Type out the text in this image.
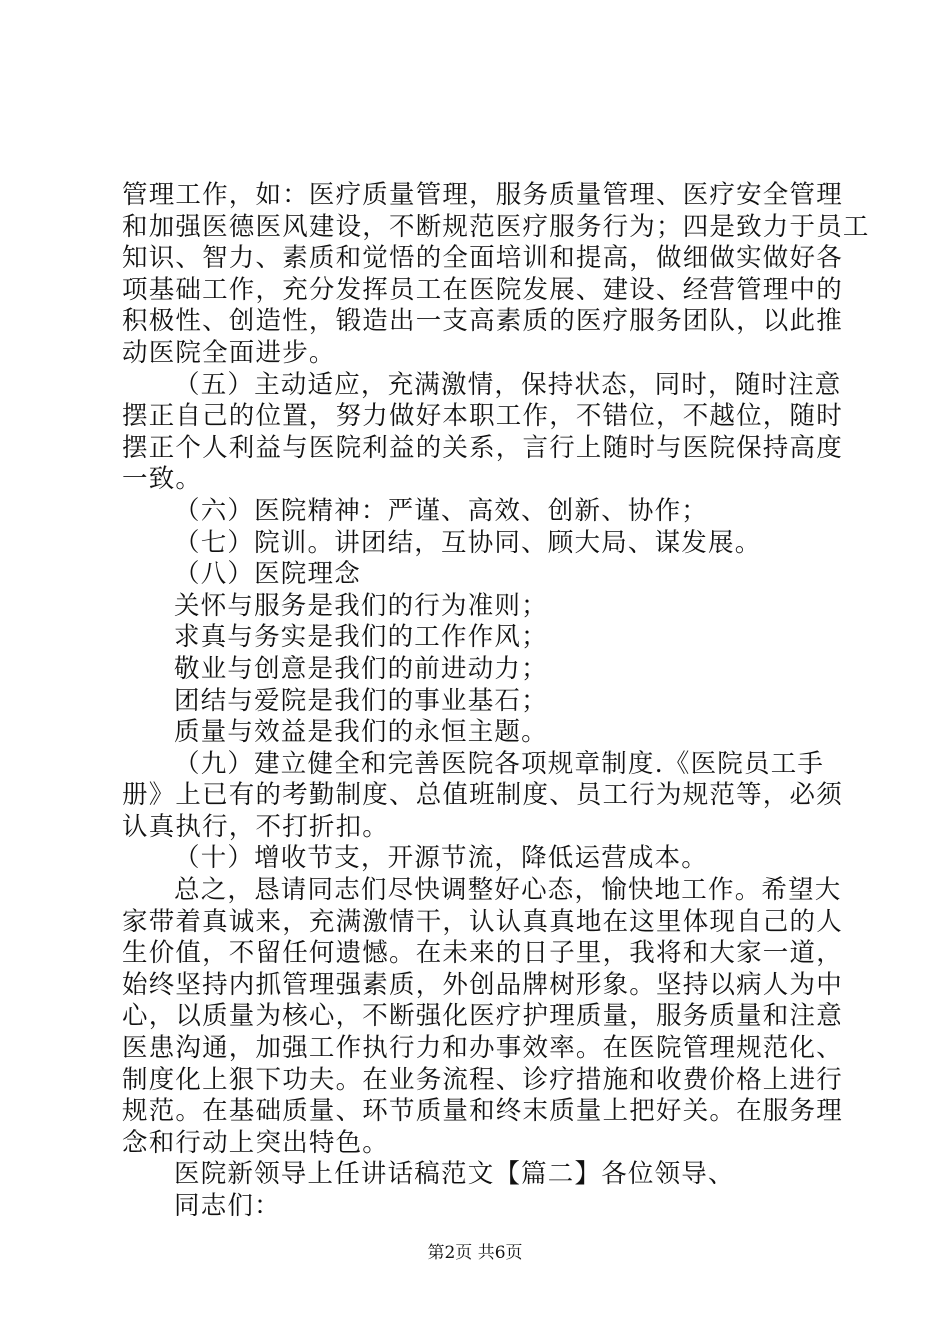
管理工作，如：医疗质量管理，服务质量管理、医疗安全管理
和加强医德医风建设，不断规范医疗服务行为；四是致力于员工
知识、智力、素质和觉悟的全面培训和提高，做细做实做好各
项基础工作，充分发挥员工在医院发展、建设、经营管理中的
积极性、创造性，锻造出一支高素质的医疗服务团队，以此推
动医院全面进步。
（五）主动适应，充满激情，保持状态，同时，随时注意
摆正自己的位置，努力做好本职工作，不错位，不越位，随时
摆正个人利益与医院利益的关系，言行上随时与医院保持高度
一致。
（六）医院精神：严谨、高效、创新、协作；
（七）院训。讲团结，互协同、顾大局、谋发展。
（八）医院理念
关怀与服务是我们的行为准则；
求真与务实是我们的工作作风；
敬业与创意是我们的前进动力；
团结与爱院是我们的事业基石；
质量与效益是我们的永恒主题。
（九）建立健全和完善医院各项规章制度.《医院员工手
册》上已有的考勤制度、总值班制度、员工行为规范等，必须
认真执行，不打折扣。
（十）增收节支，开源节流，降低运营成本。
总之，恳请同志们尽快调整好心态，愉快地工作。希望大
家带着真诚来，充满激情干，认认真真地在这里体现自己的人
生价值，不留任何遗憾。在未来的日子里，我将和大家一道，
始终坚持内抓管理强素质，外创品牌树形象。坚持以病人为中
心，以质量为核心，不断强化医疗护理质量，服务质量和注意
医患沟通，加强工作执行力和办事效率。在医院管理规范化、
制度化上狠下功夫。在业务流程、诊疗措施和收费价格上进行
规范。在基础质量、环节质量和终末质量上把好关。在服务理
念和行动上突出特色。
医院新领导上任讲话稿范文【篇二】各位领导、
同志们：
第2页 共6页
